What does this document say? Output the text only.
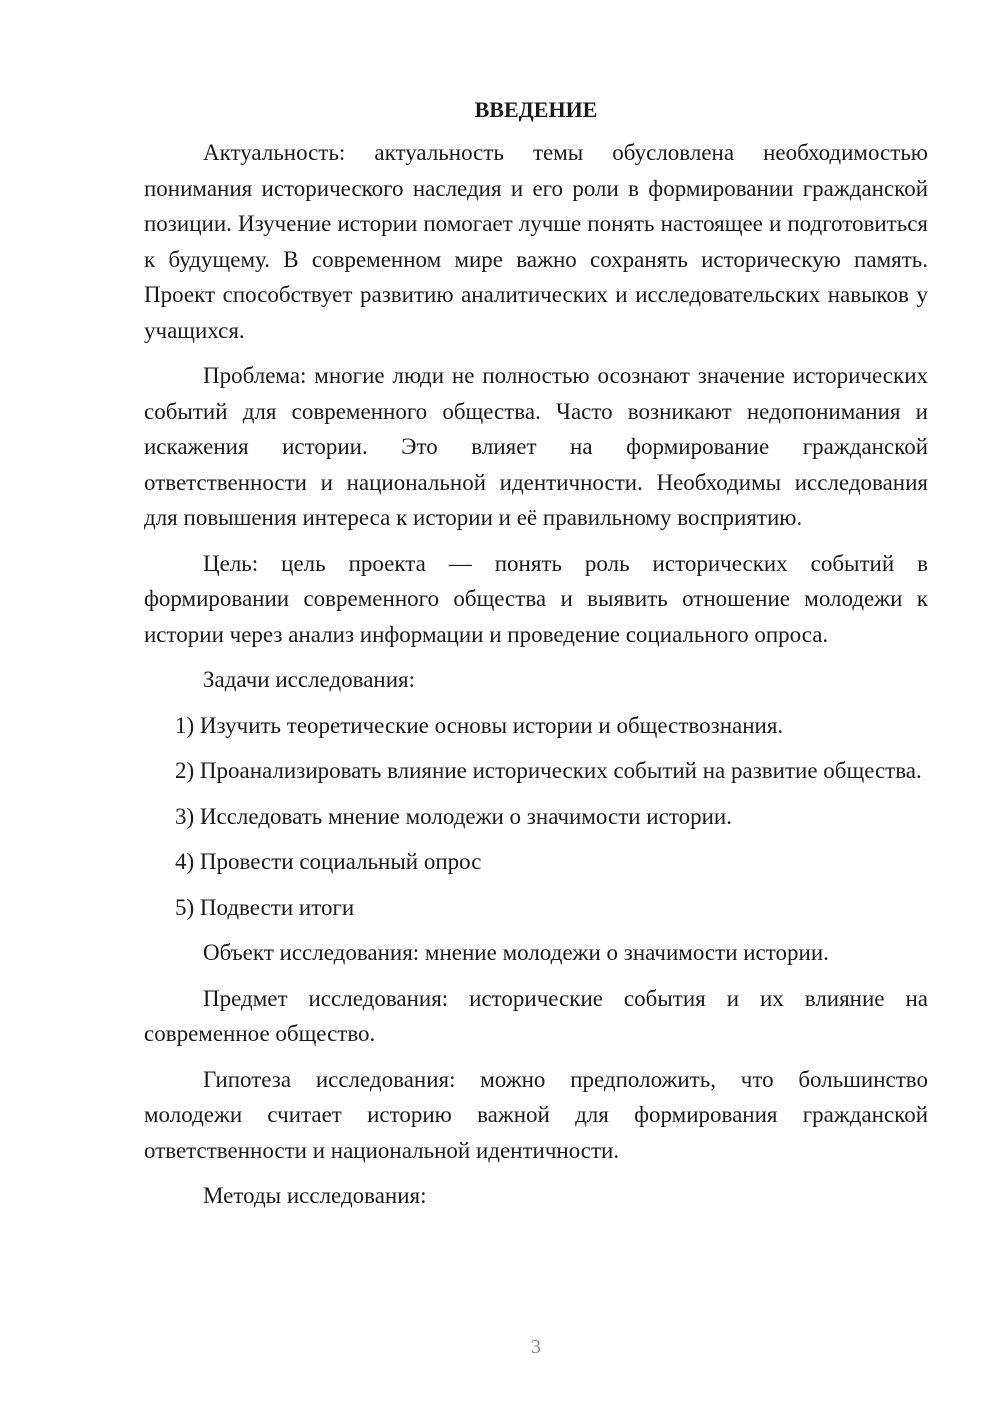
ВВЕДЕНИЕ

Актуальность: актуальность темы обусловлена необходимостью понимания исторического наследия и его роли в формировании гражданской позиции. Изучение истории помогает лучше понять настоящее и подготовиться к будущему. В современном мире важно сохранять историческую память. Проект способствует развитию аналитических и исследовательских навыков у учащихся.

Проблема: многие люди не полностью осознают значение исторических событий для современного общества. Часто возникают недопонимания и искажения истории. Это влияет на формирование гражданской ответственности и национальной идентичности. Необходимы исследования для повышения интереса к истории и её правильному восприятию.

Цель: цель проекта — понять роль исторических событий в формировании современного общества и выявить отношение молодежи к истории через анализ информации и проведение социального опроса.

Задачи исследования:

1) Изучить теоретические основы истории и обществознания.

2) Проанализировать влияние исторических событий на развитие общества.

3) Исследовать мнение молодежи о значимости истории.

4) Провести социальный опрос

5) Подвести итоги

Объект исследования: мнение молодежи о значимости истории.

Предмет исследования: исторические события и их влияние на современное общество.

Гипотеза исследования: можно предположить, что большинство молодежи считает историю важной для формирования гражданской ответственности и национальной идентичности.

Методы исследования:

3
